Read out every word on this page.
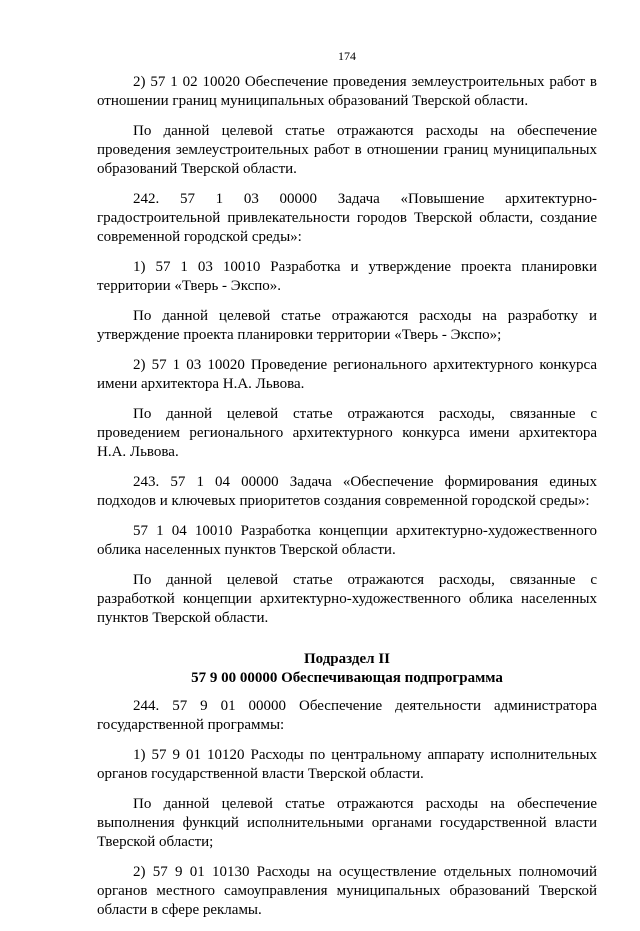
174

2) 57 1 02 10020 Обеспечение проведения землеустроительных работ в отношении границ муниципальных образований Тверской области.

По данной целевой статье отражаются расходы на обеспечение проведения землеустроительных работ в отношении границ муниципальных образований Тверской области.

242. 57 1 03 00000 Задача «Повышение архитектурно-градостроительной привлекательности городов Тверской области, создание современной городской среды»:

1) 57 1 03 10010 Разработка и утверждение проекта планировки территории «Тверь - Экспо».

По данной целевой статье отражаются расходы на разработку и утверждение проекта планировки территории «Тверь - Экспо»;

2) 57 1 03 10020 Проведение регионального архитектурного конкурса имени архитектора Н.А. Львова.

По данной целевой статье отражаются расходы, связанные с проведением регионального архитектурного конкурса имени архитектора Н.А. Львова.

243. 57 1 04 00000 Задача «Обеспечение формирования единых подходов и ключевых приоритетов создания современной городской среды»:

57 1 04 10010 Разработка концепции архитектурно-художественного облика населенных пунктов Тверской области.

По данной целевой статье отражаются расходы, связанные с разработкой концепции архитектурно-художественного облика населенных пунктов Тверской области.

Подраздел II
57 9 00 00000 Обеспечивающая подпрограмма

244. 57 9 01 00000 Обеспечение деятельности администратора государственной программы:

1) 57 9 01 10120 Расходы по центральному аппарату исполнительных органов государственной власти Тверской области.

По данной целевой статье отражаются расходы на обеспечение выполнения функций исполнительными органами государственной власти Тверской области;

2) 57 9 01 10130 Расходы на осуществление отдельных полномочий органов местного самоуправления муниципальных образований Тверской области в сфере рекламы.
